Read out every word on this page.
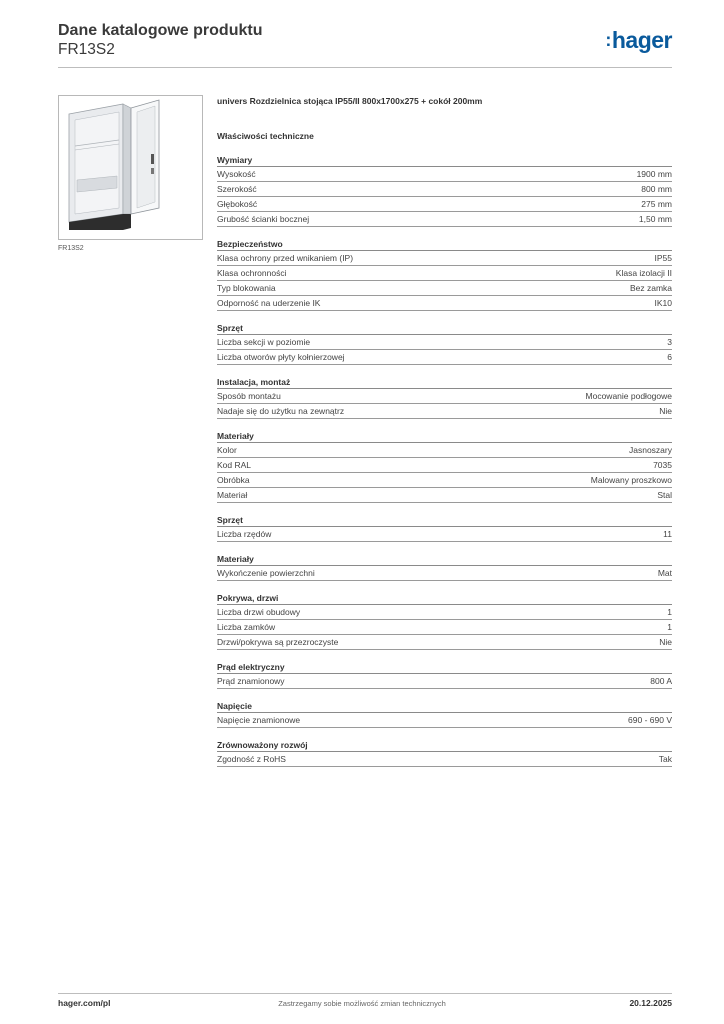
Dane katalogowe produktu
FR13S2	:hager
FR13S2
univers Rozdzielnica stojąca IP55/II 800x1700x275 + cokół 200mm
Właściwości techniczne
Wymiary
Wysokość	1900 mm
Szerokość	800 mm
Głębokość	275 mm
Grubość ścianki bocznej	1,50 mm
Bezpieczeństwo
Klasa ochrony przed wnikaniem (IP)	IP55
Klasa ochronności	Klasa izolacji II
Typ blokowania	Bez zamka
Odporność na uderzenie IK	IK10
Sprzęt
Liczba sekcji w poziomie	3
Liczba otworów płyty kołnierzowej	6
Instalacja, montaż
Sposób montażu	Mocowanie podłogowe
Nadaje się do użytku na zewnątrz	Nie
Materiały
Kolor	Jasnoszary
Kod RAL	7035
Obróbka	Malowany proszkowo
Materiał	Stal
Sprzęt
Liczba rzędów	11
Materiały
Wykończenie powierzchni	Mat
Pokrywa, drzwi
Liczba drzwi obudowy	1
Liczba zamków	1
Drzwi/pokrywa są przezroczyste	Nie
Prąd elektryczny
Prąd znamionowy	800 A
Napięcie
Napięcie znamionowe	690 - 690 V
Zrównoważony rozwój
Zgodność z RoHS	Tak
hager.com/pl	Zastrzegamy sobie możliwość zmian technicznych	20.12.2025
